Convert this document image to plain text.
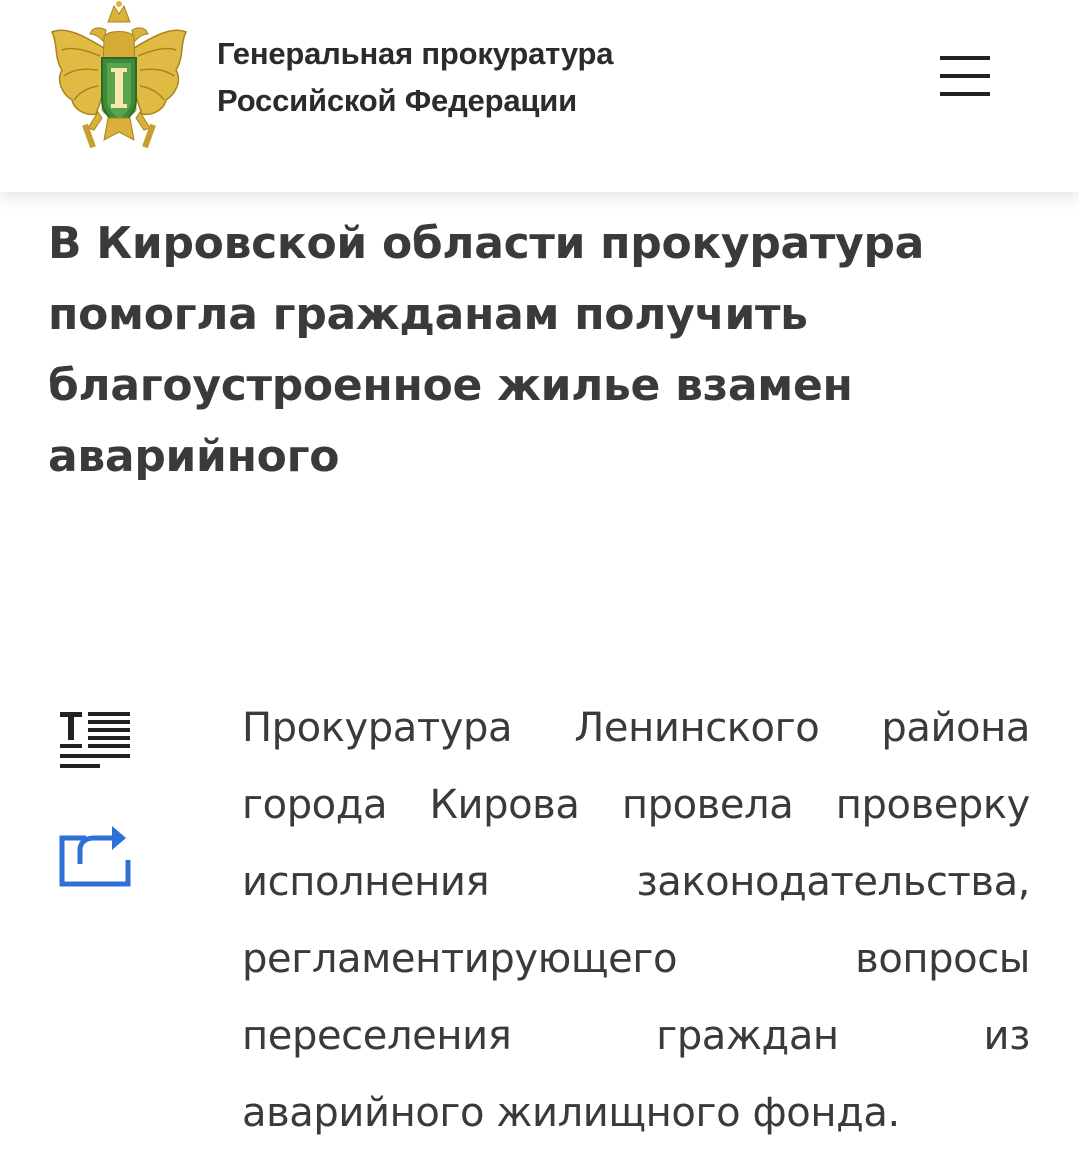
Генеральная прокуратура
Российской Федерации
В Кировской области прокуратура
помогла гражданам получить
благоустроенное жилье взамен
аварийного
Прокуратура Ленинского района
города Кирова провела проверку
исполнения	законодательства,
регламентирующего	вопросы
переселения	граждан	из
аварийного жилищного фонда.
